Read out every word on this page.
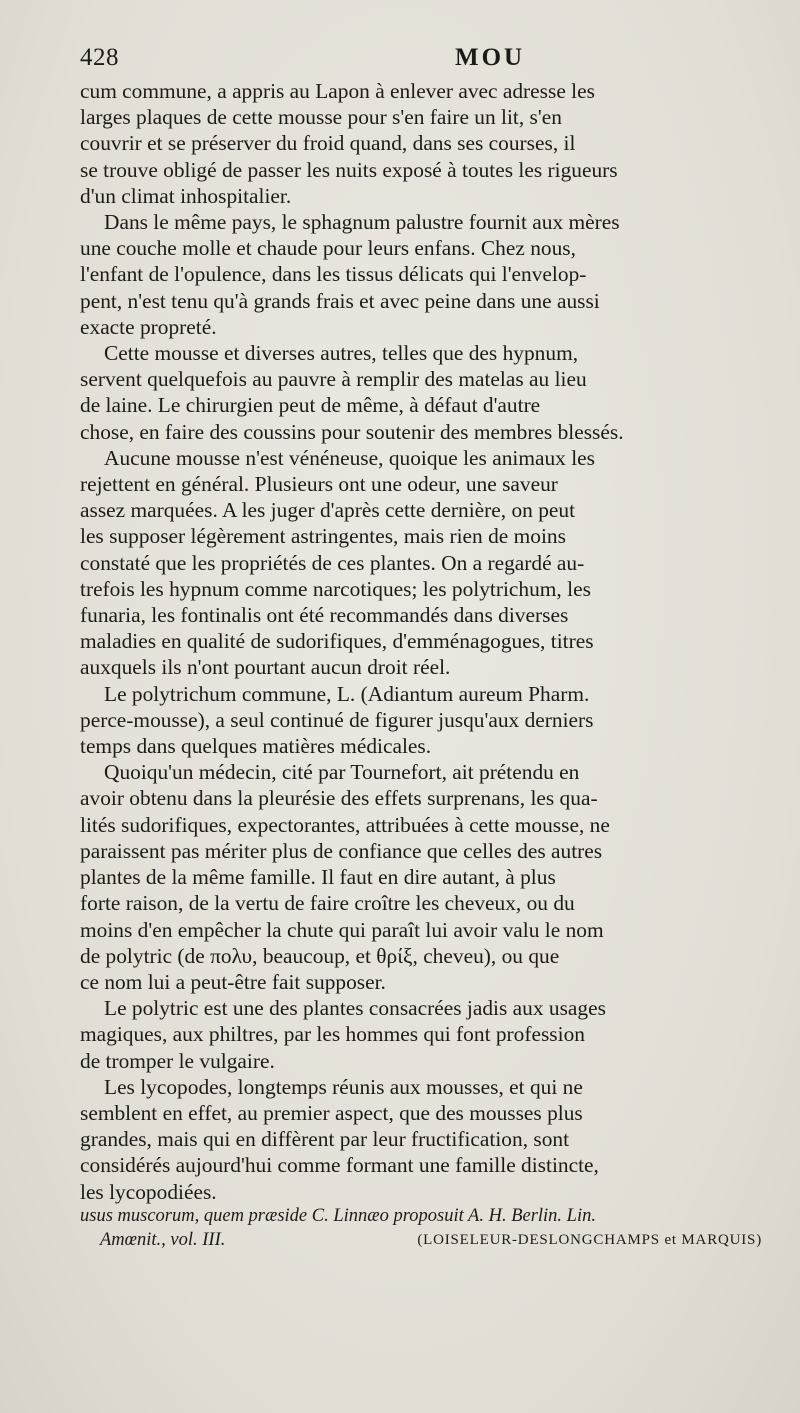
428	MOU

cum commune, a appris au Lapon à enlever avec adresse les
larges plaques de cette mousse pour s'en faire un lit, s'en
couvrir et se préserver du froid quand, dans ses courses, il
se trouve obligé de passer les nuits exposé à toutes les rigueurs
d'un climat inhospitalier.

Dans le même pays, le sphagnum palustre fournit aux mères
une couche molle et chaude pour leurs enfans. Chez nous,
l'enfant de l'opulence, dans les tissus délicats qui l'envelop-
pent, n'est tenu qu'à grands frais et avec peine dans une aussi
exacte propreté.

Cette mousse et diverses autres, telles que des hypnum,
servent quelquefois au pauvre à remplir des matelas au lieu
de laine. Le chirurgien peut de même, à défaut d'autre
chose, en faire des coussins pour soutenir des membres blessés.

Aucune mousse n'est vénéneuse, quoique les animaux les
rejettent en général. Plusieurs ont une odeur, une saveur
assez marquées. A les juger d'après cette dernière, on peut
les supposer légèrement astringentes, mais rien de moins
constaté que les propriétés de ces plantes. On a regardé au-
trefois les hypnum comme narcotiques; les polytrichum, les
funaria, les fontinalis ont été recommandés dans diverses
maladies en qualité de sudorifiques, d'emménagogues, titres
auxquels ils n'ont pourtant aucun droit réel.

Le polytrichum commune, L. (Adiantum aureum Pharm.
perce-mousse), a seul continué de figurer jusqu'aux derniers
temps dans quelques matières médicales.

Quoiqu'un médecin, cité par Tournefort, ait prétendu en
avoir obtenu dans la pleurésie des effets surprenans, les qua-
lités sudorifiques, expectorantes, attribuées à cette mousse, ne
paraissent pas mériter plus de confiance que celles des autres
plantes de la même famille. Il faut en dire autant, à plus
forte raison, de la vertu de faire croître les cheveux, ou du
moins d'en empêcher la chute qui paraît lui avoir valu le nom
de polytric (de πολυ, beaucoup, et θρίξ, cheveu), ou que
ce nom lui a peut-être fait supposer.

Le polytric est une des plantes consacrées jadis aux usages
magiques, aux philtres, par les hommes qui font profession
de tromper le vulgaire.

Les lycopodes, longtemps réunis aux mousses, et qui ne
semblent en effet, au premier aspect, que des mousses plus
grandes, mais qui en diffèrent par leur fructification, sont
considérés aujourd'hui comme formant une famille distincte,
les lycopodiées.

usus muscorum, quem præside C. Linnæo proposuit A. H. Berlin. Lin.
Amœnit., vol. III.	(LOISELEUR-DESLONGCHAMPS et MARQUIS)
